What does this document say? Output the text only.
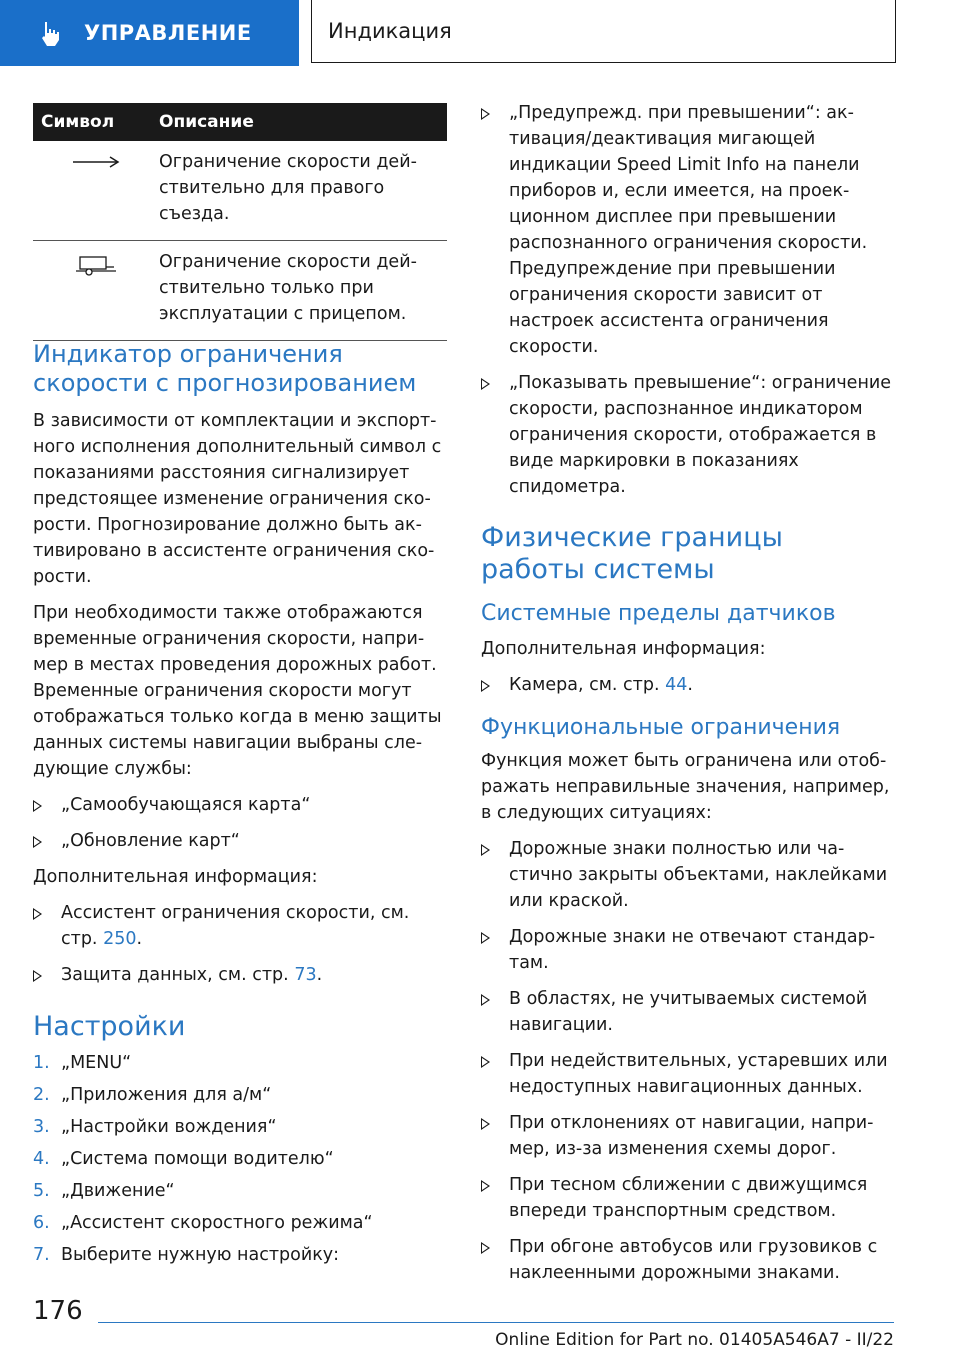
УПРАВЛЕНИЕ	Индикация
Символ	Описание
Ограничение скорости действительно для правого съезда.
Ограничение скорости действительно только при эксплуатации с прицепом.
Индикатор ограничения скорости с прогнозированием

В зависимости от комплектации и экспортного исполнения дополнительный символ с показаниями расстояния сигнализирует предстоящее изменение ограничения скорости. Прогнозирование должно быть активировано в ассистенте ограничения скорости.

При необходимости также отображаются временные ограничения скорости, например в местах проведения дорожных работ. Временные ограничения скорости могут отображаться только когда в меню защиты данных системы навигации выбраны следующие службы:

„Самообучающаяся карта“
„Обновление карт“

Дополнительная информация:

Ассистент ограничения скорости, см. стр. 250.
Защита данных, см. стр. 73.
Настройки
1. „MENU“
2. „Приложения для а/м“
3. „Настройки вождения“
4. „Система помощи водителю“
5. „Движение“
6. „Ассистент скоростного режима“
7. Выберите нужную настройку:
„Предупрежд. при превышении“: активация/деактивация мигающей индикации Speed Limit Info на панели приборов и, если имеется, на проекционном дисплее при превышении распознанного ограничения скорости. Предупреждение при превышении ограничения скорости зависит от настроек ассистента ограничения скорости.
„Показывать превышение“: ограничение скорости, распознанное индикатором ограничения скорости, отображается в виде маркировки в показаниях спидометра.
Физические границы работы системы
Системные пределы датчиков

Дополнительная информация:

Камера, см. стр. 44.
Функциональные ограничения

Функция может быть ограничена или отображать неправильные значения, например, в следующих ситуациях:

Дорожные знаки полностью или частично закрыты объектами, наклейками или краской.
Дорожные знаки не отвечают стандартам.
В областях, не учитываемых системой навигации.
При недействительных, устаревших или недоступных навигационных данных.
При отклонениях от навигации, например, из-за изменения схемы дорог.
При тесном сближении с движущимся впереди транспортным средством.
При обгоне автобусов или грузовиков с наклеенными дорожными знаками.
176
Online Edition for Part no. 01405A546A7 - II/22
